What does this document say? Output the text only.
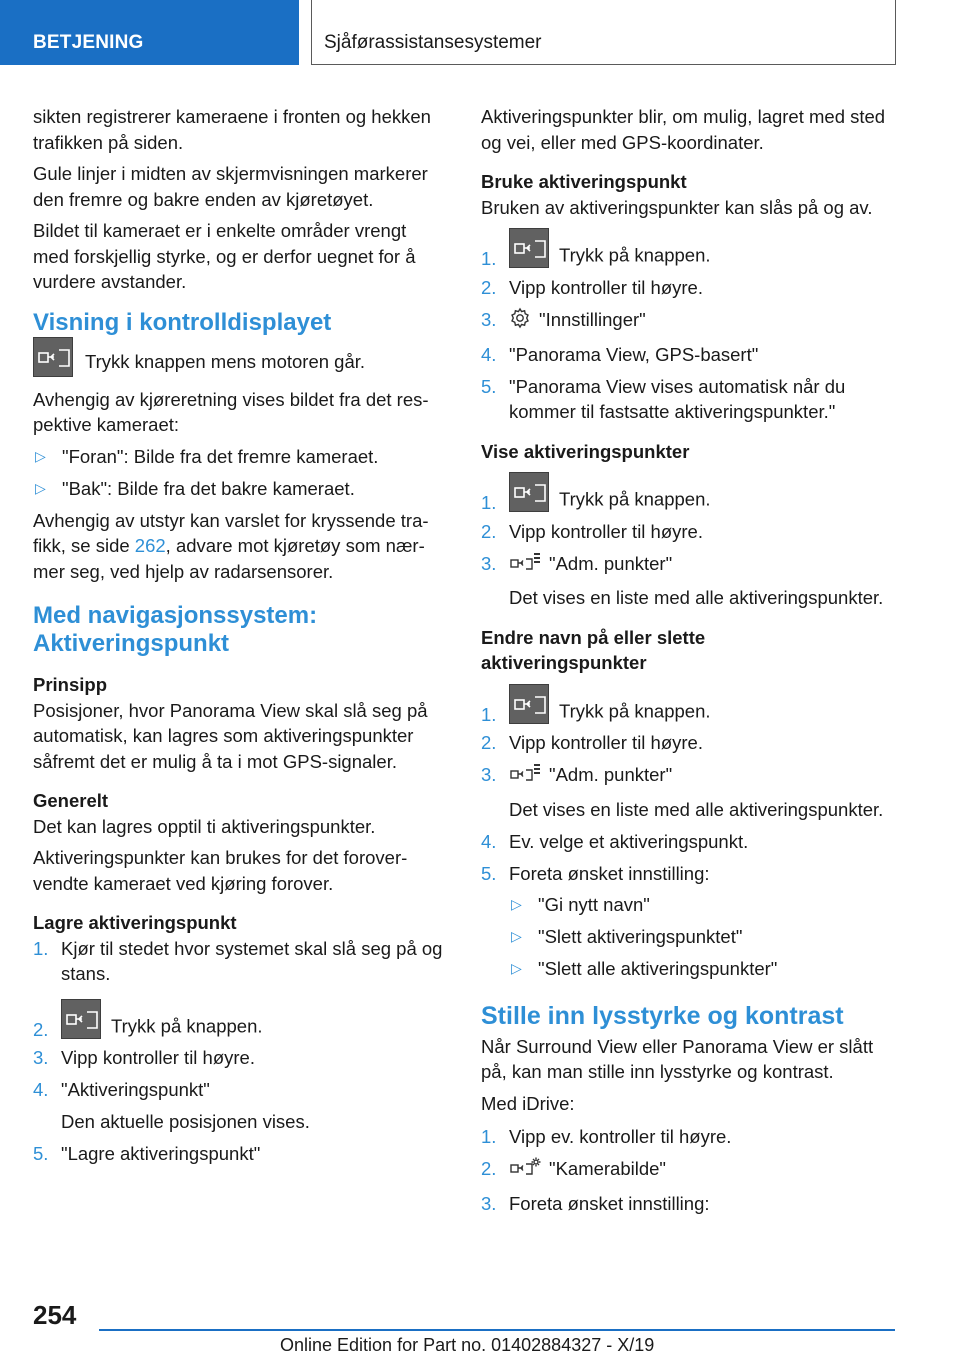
BETJENING	Sjåførassistansesystemer

sikten registrerer kameraene i fronten og hekken trafikken på siden.

Gule linjer i midten av skjermvisningen markerer den fremre og bakre enden av kjøretøyet.

Bildet til kameraet er i enkelte områder vrengt med forskjellig styrke, og er derfor uegnet for å vurdere avstander.

Visning i kontrolldisplayet
Trykk knappen mens motoren går.

Avhengig av kjøreretning vises bildet fra det res-pektive kameraet:

▷ "Foran": Bilde fra det fremre kameraet.
▷ "Bak": Bilde fra det bakre kameraet.

Avhengig av utstyr kan varslet for kryssende tra-fikk, se side 262, advare mot kjøretøy som nær-mer seg, ved hjelp av radarsensorer.

Med navigasjonssystem: Aktiveringspunkt
Prinsipp

Posisjoner, hvor Panorama View skal slå seg på automatisk, kan lagres som aktiveringspunkter såfremt det er mulig å ta i mot GPS-signaler.

Generelt

Det kan lagres opptil ti aktiveringspunkter.

Aktiveringspunkter kan brukes for det forover-vendte kameraet ved kjøring forover.

Lagre aktiveringspunkt
1. Kjør til stedet hvor systemet skal slå seg på og stans.
2.	Trykk på knappen.
3. Vipp kontroller til høyre.
4. "Aktiveringspunkt"
Den aktuelle posisjonen vises.
5. "Lagre aktiveringspunkt"

Aktiveringspunkter blir, om mulig, lagret med sted og vei, eller med GPS-koordinater.

Bruke aktiveringspunkt

Bruken av aktiveringspunkter kan slås på og av.

1.	Trykk på knappen.
2. Vipp kontroller til høyre.
3. "Innstillinger"
4. "Panorama View, GPS-basert"
5. "Panorama View vises automatisk når du kommer til fastsatte aktiveringspunkter."
Vise aktiveringspunkter
1.	Trykk på knappen.
2. Vipp kontroller til høyre.
3.	"Adm. punkter"
Det vises en liste med alle aktiveringspunkter.
Endre navn på eller slette aktiveringspunkter
1.	Trykk på knappen.
2. Vipp kontroller til høyre.
3.	"Adm. punkter"
Det vises en liste med alle aktiveringspunkter.
4. Ev. velge et aktiveringspunkt.
5. Foreta ønsket innstilling:
▷ "Gi nytt navn"
▷ "Slett aktiveringspunktet"
▷ "Slett alle aktiveringspunkter"
Stille inn lysstyrke og kontrast

Når Surround View eller Panorama View er slått på, kan man stille inn lysstyrke og kontrast.

Med iDrive:

1. Vipp ev. kontroller til høyre.
2.	"Kamerabilde"
3. Foreta ønsket innstilling:
254
Online Edition for Part no. 01402884327 - X/19
